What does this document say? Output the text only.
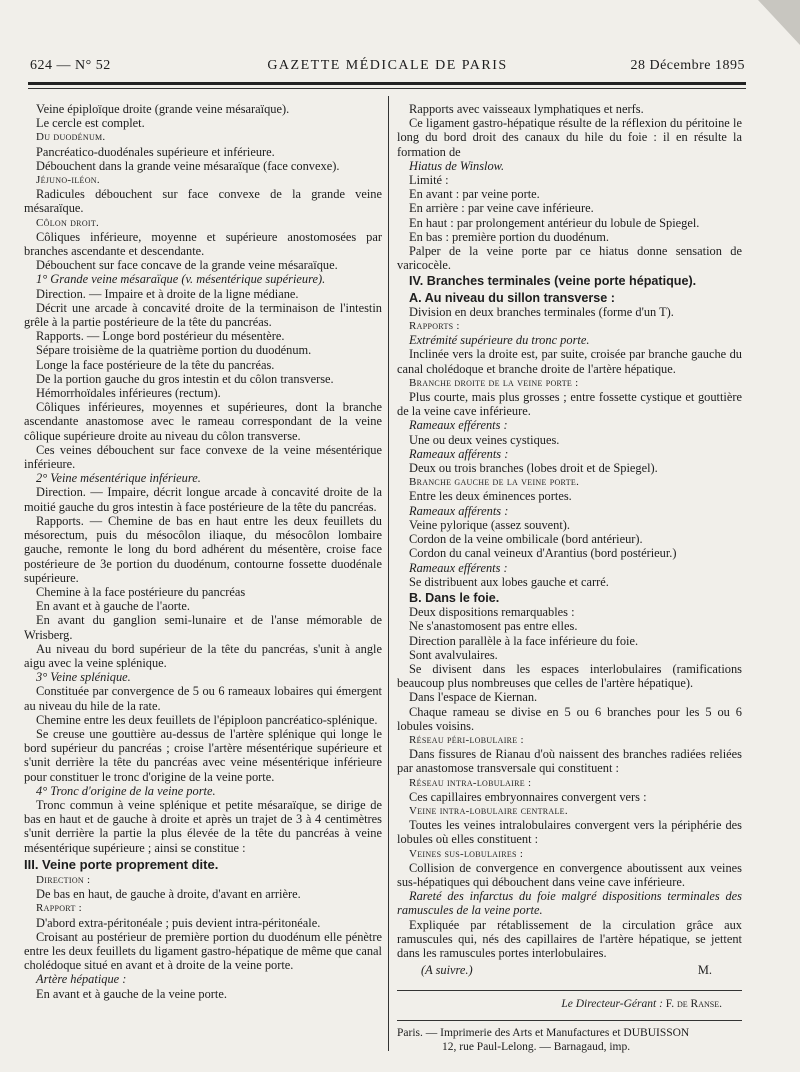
624 — N° 52	GAZETTE MÉDICALE DE PARIS	28 Décembre 1895

Veine épiploïque droite (grande veine mésaraïque).

Le cercle est complet.

Du duodénum.

Pancréatico-duodénales supérieure et inférieure.

Débouchent dans la grande veine mésaraïque (face convexe).

Jéjuno-iléon.

Radicules débouchent sur face convexe de la grande veine mésaraïque.

Côlon droit.

Côliques inférieure, moyenne et supérieure anostomosées par branches ascendante et descendante.

Débouchent sur face concave de la grande veine mésaraïque.

1° Grande veine mésaraïque (v. mésentérique supérieure).

Direction. — Impaire et à droite de la ligne médiane.

Décrit une arcade à concavité droite de la terminaison de l'intestin grêle à la partie postérieure de la tête du pancréas.

Rapports. — Longe bord postérieur du mésentère.

Sépare troisième de la quatrième portion du duodénum.

Longe la face postérieure de la tête du pancréas.

De la portion gauche du gros intestin et du côlon transverse.

Hémorrhoïdales inférieures (rectum).

Côliques inférieures, moyennes et supérieures, dont la branche ascendante anastomose avec le rameau correspondant de la veine côlique supérieure droite au niveau du côlon transverse.

Ces veines débouchent sur face convexe de la veine mésentérique inférieure.

2° Veine mésentérique inférieure.

Direction. — Impaire, décrit longue arcade à concavité droite de la moitié gauche du gros intestin à face postérieure de la tête du pancréas.

Rapports. — Chemine de bas en haut entre les deux feuillets du mésorectum, puis du mésocôlon iliaque, du mésocôlon lombaire gauche, remonte le long du bord adhérent du mésentère, croise face postérieure de 3e portion du duodénum, contourne fossette duodénale supérieure.

Chemine à la face postérieure du pancréas

En avant et à gauche de l'aorte.

En avant du ganglion semi-lunaire et de l'anse mémorable de Wrisberg.

Au niveau du bord supérieur de la tête du pancréas, s'unit à angle aigu avec la veine splénique.

3° Veine splénique.

Constituée par convergence de 5 ou 6 rameaux lobaires qui émergent au niveau du hile de la rate.

Chemine entre les deux feuillets de l'épiploon pancréatico-splénique.

Se creuse une gouttière au-dessus de l'artère splénique qui longe le bord supérieur du pancréas ; croise l'artère mésentérique supérieure et s'unit derrière la tête du pancréas avec veine mésentérique inférieure pour constituer le tronc d'origine de la veine porte.

4° Tronc d'origine de la veine porte.

Tronc commun à veine splénique et petite mésaraïque, se dirige de bas en haut et de gauche à droite et après un trajet de 3 à 4 centimètres s'unit derrière la partie la plus élevée de la tête du pancréas à veine mésentérique supérieure ; ainsi se constitue :

III. Veine porte proprement dite.

Direction :

De bas en haut, de gauche à droite, d'avant en arrière.

Rapport :

D'abord extra-péritonéale ; puis devient intra-péritonéale.

Croisant au postérieur de première portion du duodénum elle pénètre entre les deux feuillets du ligament gastro-hépatique de même que canal cholédoque situé en avant et à droite de la veine porte.

Artère hépatique :

En avant et à gauche de la veine porte.

Rapports avec vaisseaux lymphatiques et nerfs.

Ce ligament gastro-hépatique résulte de la réflexion du péritoine le long du bord droit des canaux du hile du foie : il en résulte la formation de

Hiatus de Winslow.

Limité :

En avant : par veine porte.

En arrière : par veine cave inférieure.

En haut : par prolongement antérieur du lobule de Spiegel.

En bas : première portion du duodénum.

Palper de la veine porte par ce hiatus donne sensation de varicocèle.

IV. Branches terminales (veine porte hépatique).

A. Au niveau du sillon transverse :

Division en deux branches terminales (forme d'un T).

Rapports :

Extrémité supérieure du tronc porte.

Inclinée vers la droite est, par suite, croisée par branche gauche du canal cholédoque et branche droite de l'artère hépatique.

Branche droite de la veine porte :

Plus courte, mais plus grosses ; entre fossette cystique et gouttière de la veine cave inférieure.

Rameaux efférents :

Une ou deux veines cystiques.

Rameaux afférents :

Deux ou trois branches (lobes droit et de Spiegel).

Branche gauche de la veine porte.

Entre les deux éminences portes.

Rameaux afférents :

Veine pylorique (assez souvent).

Cordon de la veine ombilicale (bord antérieur).

Cordon du canal veineux d'Arantius (bord postérieur.)

Rameaux efférents :

Se distribuent aux lobes gauche et carré.

B. Dans le foie.

Deux dispositions remarquables :

Ne s'anastomosent pas entre elles.

Direction parallèle à la face inférieure du foie.

Sont avalvulaires.

Se divisent dans les espaces interlobulaires (ramifications beaucoup plus nombreuses que celles de l'artère hépatique).

Dans l'espace de Kiernan.

Chaque rameau se divise en 5 ou 6 branches pour les 5 ou 6 lobules voisins.

Réseau péri-lobulaire :

Dans fissures de Rianau d'où naissent des branches radiées reliées par anastomose transversale qui constituent :

Réseau intra-lobulaire :

Ces capillaires embryonnaires convergent vers :

Veine intra-lobulaire centrale.

Toutes les veines intralobulaires convergent vers la périphérie des lobules où elles constituent :

Veines sus-lobulaires :

Collision de convergence en convergence aboutissent aux veines sus-hépatiques qui débouchent dans veine cave inférieure.

Rareté des infarctus du foie malgré dispositions terminales des ramuscules de la veine porte.

Expliquée par rétablissement de la circulation grâce aux ramuscules qui, nés des capillaires de l'artère hépatique, se jettent dans les ramuscules portes interlobulaires.

(A suivre.)	M.

Le Directeur-Gérant : F. de Ranse.
Paris. — Imprimerie des Arts et Manufactures et DUBUISSON
12, rue Paul-Lelong. — Barnagaud, imp.
